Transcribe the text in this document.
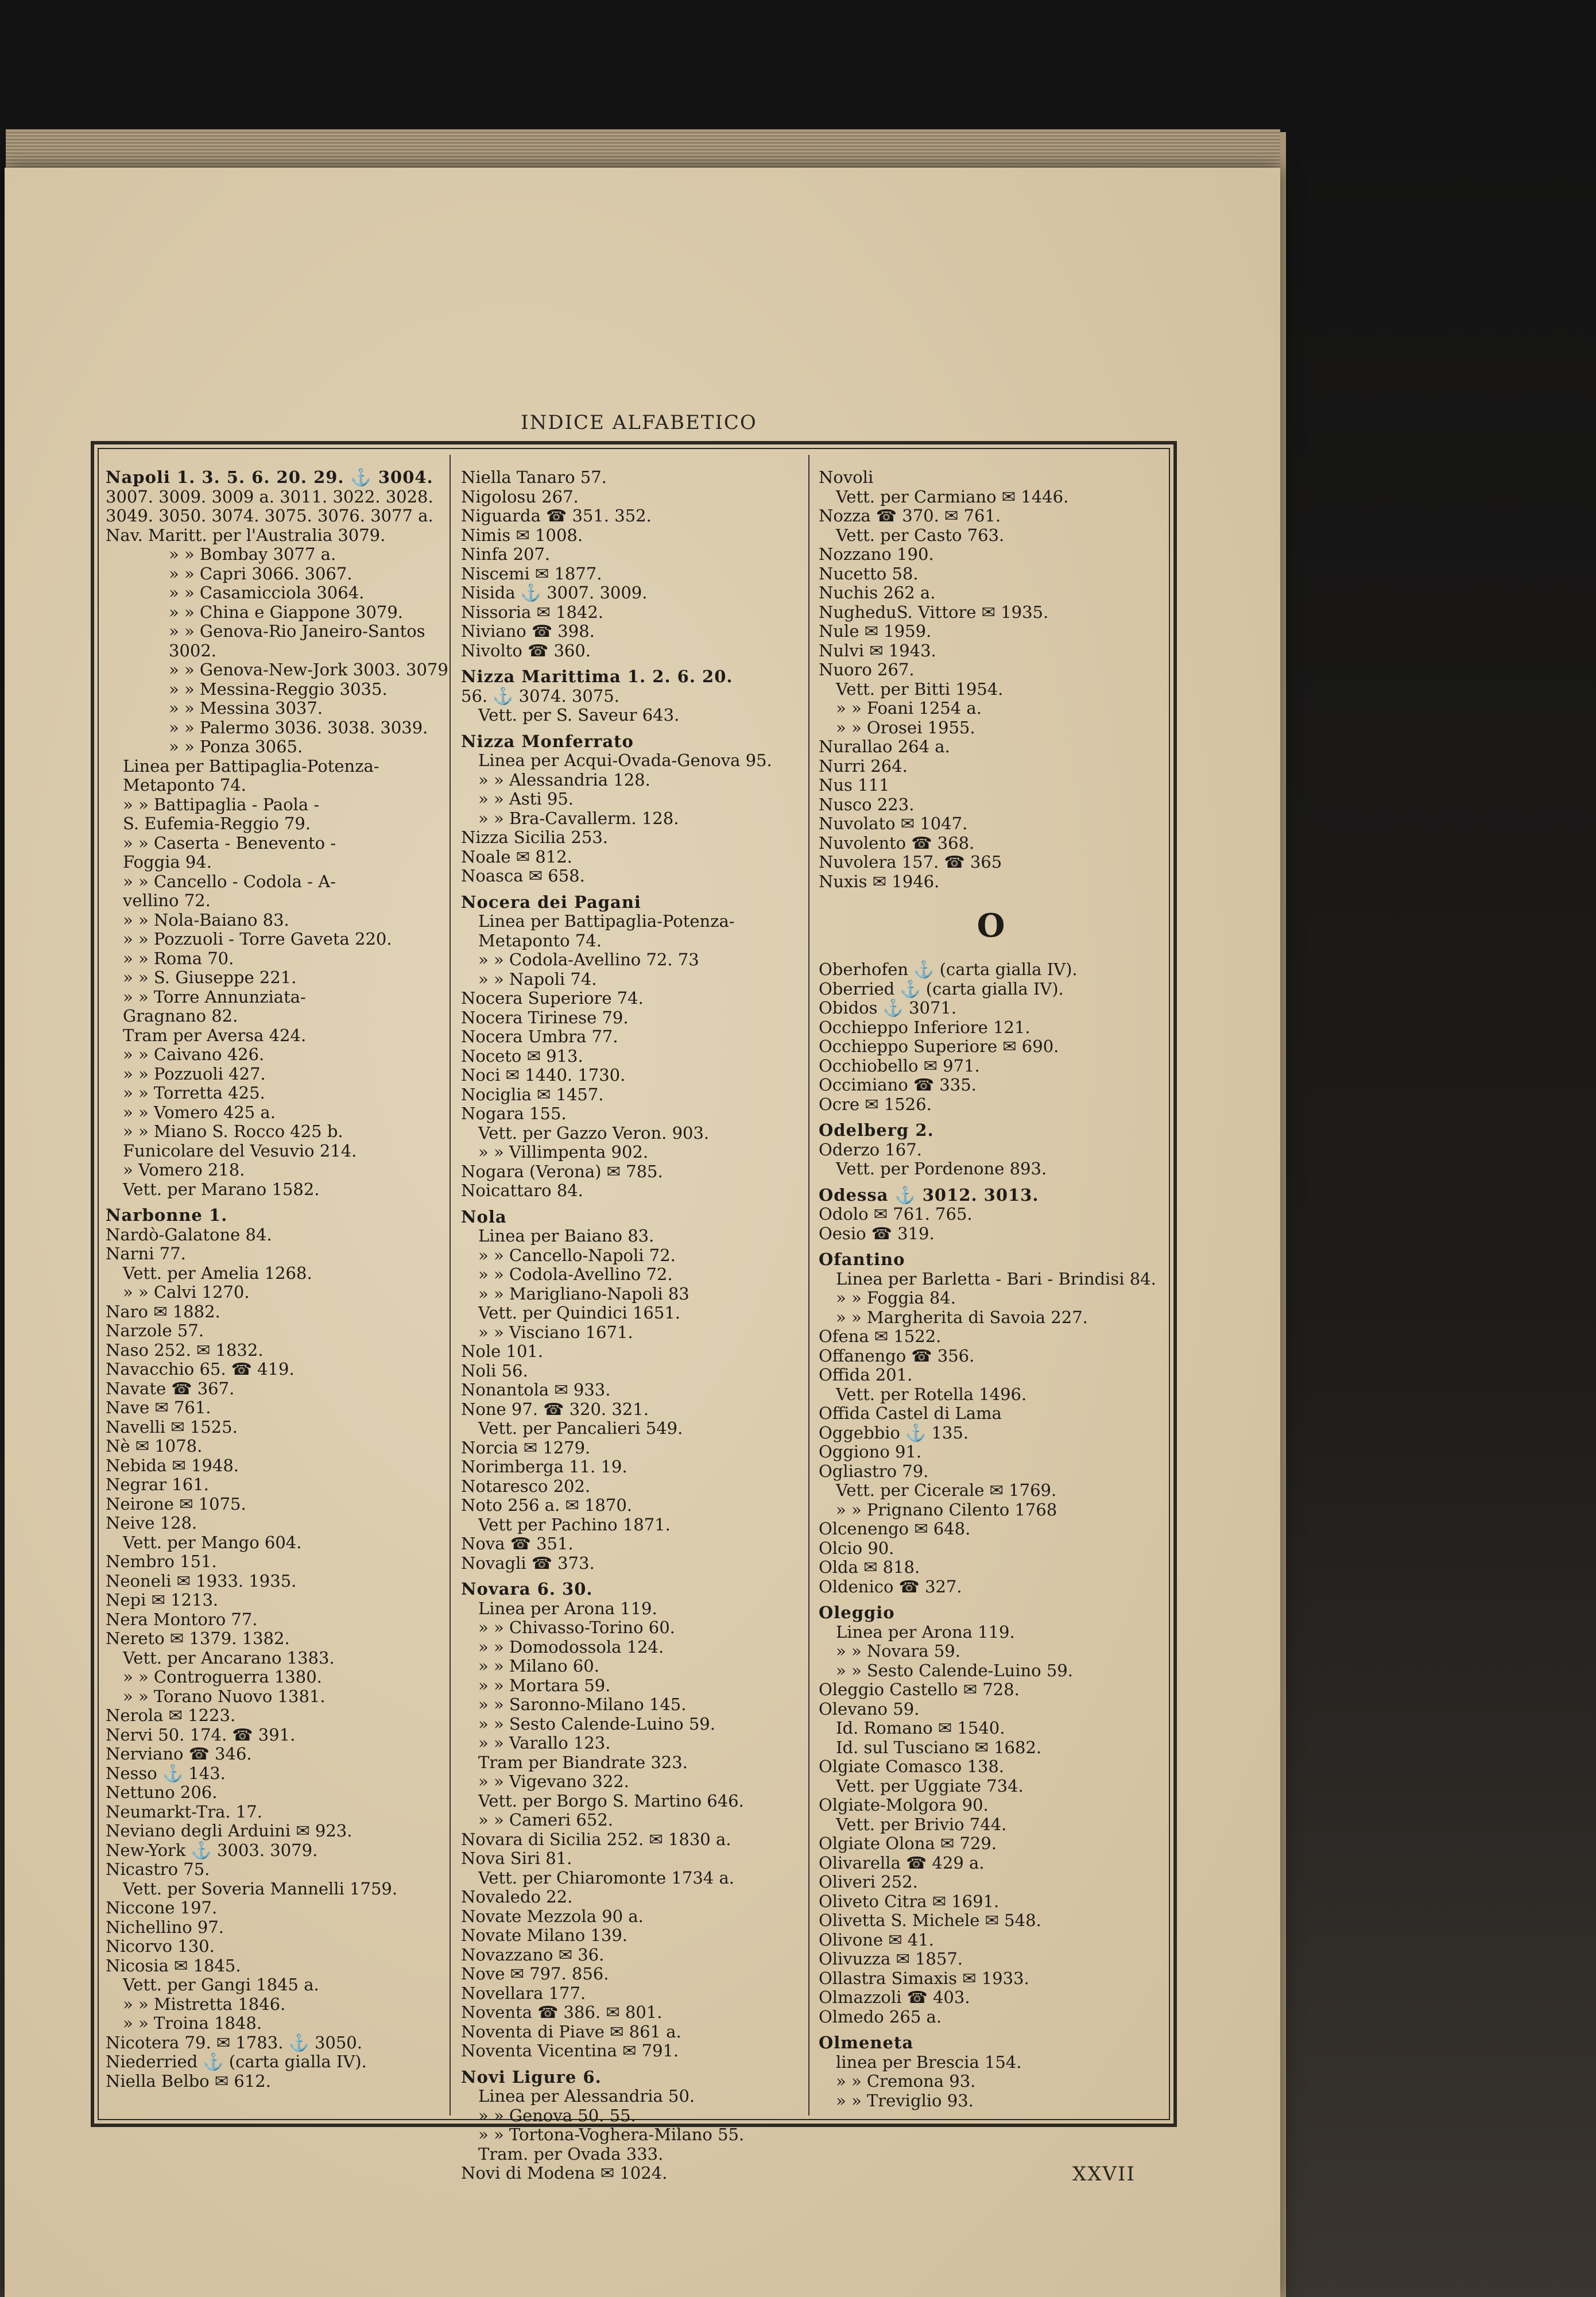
INDICE ALFABETICO
Napoli 1. 3. 5. 6. 20. 29. ⚓ 3004.
3007. 3009. 3009 a. 3011. 3022. 3028.
3049. 3050. 3074. 3075. 3076. 3077 a.
Nav. Maritt. per l'Australia 3079.
» » Bombay 3077 a.
» » Capri 3066. 3067.
» » Casamicciola 3064.
» » China e Giappone 3079.
» » Genova-Rio Janeiro-Santos
3002.
» » Genova-New-Jork 3003. 3079
» » Messina-Reggio 3035.
» » Messina 3037.
» » Palermo 3036. 3038. 3039.
» » Ponza 3065.
Linea per Battipaglia-Potenza-
Metaponto 74.
» » Battipaglia - Paola -
S. Eufemia-Reggio 79.
» » Caserta - Benevento -
Foggia 94.
» » Cancello - Codola - A-
vellino 72.
» » Nola-Baiano 83.
» » Pozzuoli - Torre Gaveta 220.
» » Roma 70.
» » S. Giuseppe 221.
» » Torre Annunziata-
Gragnano 82.
Tram per Aversa 424.
» » Caivano 426.
» » Pozzuoli 427.
» » Torretta 425.
» » Vomero 425 a.
» » Miano S. Rocco 425 b.
Funicolare del Vesuvio 214.
» Vomero 218.
Vett. per Marano 1582.
Narbonne 1.
Nardò-Galatone 84.
Narni 77.
Vett. per Amelia 1268.
» » Calvi 1270.
Naro ✉ 1882.
Narzole 57.
Naso 252. ✉ 1832.
Navacchio 65. ☎ 419.
Navate ☎ 367.
Nave ✉ 761.
Navelli ✉ 1525.
Nè ✉ 1078.
Nebida ✉ 1948.
Negrar 161.
Neirone ✉ 1075.
Neive 128.
Vett. per Mango 604.
Nembro 151.
Neoneli ✉ 1933. 1935.
Nepi ✉ 1213.
Nera Montoro 77.
Nereto ✉ 1379. 1382.
Vett. per Ancarano 1383.
» » Controguerra 1380.
» » Torano Nuovo 1381.
Nerola ✉ 1223.
Nervi 50. 174. ☎ 391.
Nerviano ☎ 346.
Nesso ⚓ 143.
Nettuno 206.
Neumarkt-Tra. 17.
Neviano degli Arduini ✉ 923.
New-York ⚓ 3003. 3079.
Nicastro 75.
Vett. per Soveria Mannelli 1759.
Niccone 197.
Nichellino 97.
Nicorvo 130.
Nicosia ✉ 1845.
Vett. per Gangi 1845 a.
» » Mistretta 1846.
» » Troina 1848.
Nicotera 79. ✉ 1783. ⚓ 3050.
Niederried ⚓ (carta gialla IV).
Niella Belbo ✉ 612.
Niella Tanaro 57.
Nigolosu 267.
Niguarda ☎ 351. 352.
Nimis ✉ 1008.
Ninfa 207.
Niscemi ✉ 1877.
Nisida ⚓ 3007. 3009.
Nissoria ✉ 1842.
Niviano ☎ 398.
Nivolto ☎ 360.
Nizza Marittima 1. 2. 6. 20.
56. ⚓ 3074. 3075.
Vett. per S. Saveur 643.
Nizza Monferrato
Linea per Acqui-Ovada-Genova 95.
» » Alessandria 128.
» » Asti 95.
» » Bra-Cavallerm. 128.
Nizza Sicilia 253.
Noale ✉ 812.
Noasca ✉ 658.
Nocera dei Pagani
Linea per Battipaglia-Potenza-
Metaponto 74.
» » Codola-Avellino 72. 73
» » Napoli 74.
Nocera Superiore 74.
Nocera Tirinese 79.
Nocera Umbra 77.
Noceto ✉ 913.
Noci ✉ 1440. 1730.
Nociglia ✉ 1457.
Nogara 155.
Vett. per Gazzo Veron. 903.
» » Villimpenta 902.
Nogara (Verona) ✉ 785.
Noicattaro 84.
Nola
Linea per Baiano 83.
» » Cancello-Napoli 72.
» » Codola-Avellino 72.
» » Marigliano-Napoli 83
Vett. per Quindici 1651.
» » Visciano 1671.
Nole 101.
Noli 56.
Nonantola ✉ 933.
None 97. ☎ 320. 321.
Vett. per Pancalieri 549.
Norcia ✉ 1279.
Norimberga 11. 19.
Notaresco 202.
Noto 256 a. ✉ 1870.
Vett per Pachino 1871.
Nova ☎ 351.
Novagli ☎ 373.
Novara 6. 30.
Linea per Arona 119.
» » Chivasso-Torino 60.
» » Domodossola 124.
» » Milano 60.
» » Mortara 59.
» » Saronno-Milano 145.
» » Sesto Calende-Luino 59.
» » Varallo 123.
Tram per Biandrate 323.
» » Vigevano 322.
Vett. per Borgo S. Martino 646.
» » Cameri 652.
Novara di Sicilia 252. ✉ 1830 a.
Nova Siri 81.
Vett. per Chiaromonte 1734 a.
Novaledo 22.
Novate Mezzola 90 a.
Novate Milano 139.
Novazzano ✉ 36.
Nove ✉ 797. 856.
Novellara 177.
Noventa ☎ 386. ✉ 801.
Noventa di Piave ✉ 861 a.
Noventa Vicentina ✉ 791.
Novi Ligure 6.
Linea per Alessandria 50.
» » Genova 50. 55.
» » Tortona-Voghera-Milano 55.
Tram. per Ovada 333.
Novi di Modena ✉ 1024.
Novoli
Vett. per Carmiano ✉ 1446.
Nozza ☎ 370. ✉ 761.
Vett. per Casto 763.
Nozzano 190.
Nucetto 58.
Nuchis 262 a.
NugheduS. Vittore ✉ 1935.
Nule ✉ 1959.
Nulvi ✉ 1943.
Nuoro 267.
Vett. per Bitti 1954.
» » Foani 1254 a.
» » Orosei 1955.
Nurallao 264 a.
Nurri 264.
Nus 111
Nusco 223.
Nuvolato ✉ 1047.
Nuvolento ☎ 368.
Nuvolera 157. ☎ 365
Nuxis ✉ 1946.
O
Oberhofen ⚓ (carta gialla IV).
Oberried ⚓ (carta gialla IV).
Obidos ⚓ 3071.
Occhieppo Inferiore 121.
Occhieppo Superiore ✉ 690.
Occhiobello ✉ 971.
Occimiano ☎ 335.
Ocre ✉ 1526.
Odelberg 2.
Oderzo 167.
Vett. per Pordenone 893.
Odessa ⚓ 3012. 3013.
Odolo ✉ 761. 765.
Oesio ☎ 319.
Ofantino
Linea per Barletta - Bari - Brindisi 84.
» » Foggia 84.
» » Margherita di Savoia 227.
Ofena ✉ 1522.
Offanengo ☎ 356.
Offida 201.
Vett. per Rotella 1496.
Offida Castel di Lama
Oggebbio ⚓ 135.
Oggiono 91.
Ogliastro 79.
Vett. per Cicerale ✉ 1769.
» » Prignano Cilento 1768
Olcenengo ✉ 648.
Olcio 90.
Olda ✉ 818.
Oldenico ☎ 327.
Oleggio
Linea per Arona 119.
» » Novara 59.
» » Sesto Calende-Luino 59.
Oleggio Castello ✉ 728.
Olevano 59.
Id. Romano ✉ 1540.
Id. sul Tusciano ✉ 1682.
Olgiate Comasco 138.
Vett. per Uggiate 734.
Olgiate-Molgora 90.
Vett. per Brivio 744.
Olgiate Olona ✉ 729.
Olivarella ☎ 429 a.
Oliveri 252.
Oliveto Citra ✉ 1691.
Olivetta S. Michele ✉ 548.
Olivone ✉ 41.
Olivuzza ✉ 1857.
Ollastra Simaxis ✉ 1933.
Olmazzoli ☎ 403.
Olmedo 265 a.
Olmeneta
linea per Brescia 154.
» » Cremona 93.
» » Treviglio 93.
XXVII
